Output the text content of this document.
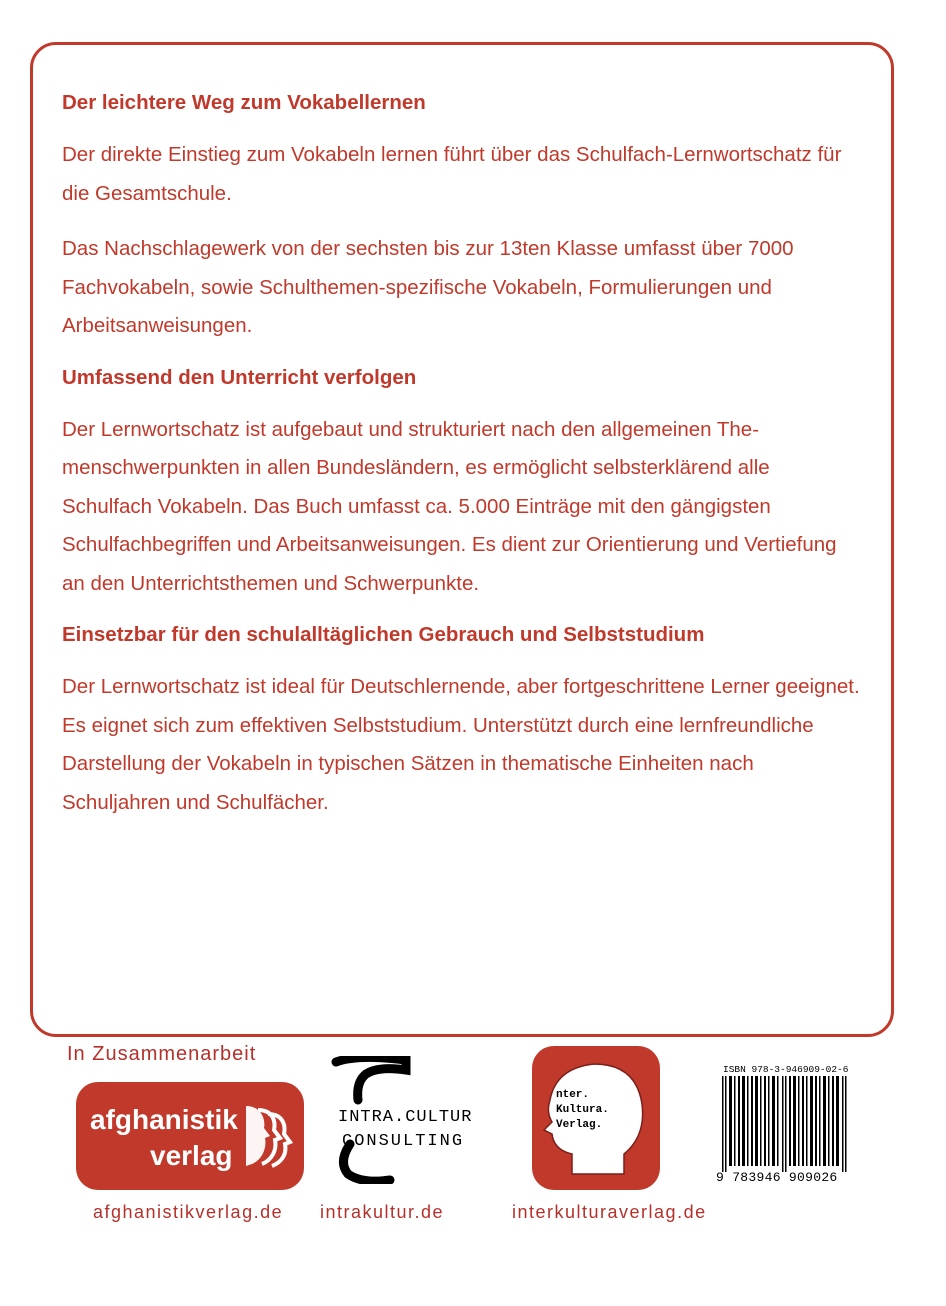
Der leichtere Weg zum Vokabellernen

Der direkte Einstieg zum Vokabeln lernen führt über das Schulfach-Lernwortschatz für die Gesamtschule.

Das Nachschlagewerk von der sechsten bis zur 13ten Klasse umfasst über 7000 Fachvokabeln, sowie Schulthemen-spezifische Vokabeln, Formulierungen und Arbeitsanweisungen.

Umfassend den Unterricht verfolgen

Der Lernwortschatz ist aufgebaut und strukturiert nach den allgemeinen Themenschwerpunkten in allen Bundesländern, es ermöglicht selbsterklärend alle Schulfach Vokabeln. Das Buch umfasst ca. 5.000 Einträge mit den gängigsten Schulfachbegriffen und Arbeitsanweisungen. Es dient zur Orientierung und Vertiefung an den Unterrichtsthemen und Schwerpunkte.

Einsetzbar für den schulalltäglichen Gebrauch und Selbststudium

Der Lernwortschatz ist ideal für Deutschlernende, aber fortgeschrittene Lerner geeignet. Es eignet sich zum effektiven Selbststudium. Unterstützt durch eine lernfreundliche Darstellung der Vokabeln in typischen Sätzen in thematische Einheiten nach Schuljahren und Schulfächer.

In Zusammenarbeit
afghanistik
verlag
INTRA.CULTUR
CONSULTING
nter.
Kultura.
Verlag.
ISBN 978-3-946909-02-6
9 783946 909026
afghanistikverlag.de intrakultur.de	interkulturaverlag.de
